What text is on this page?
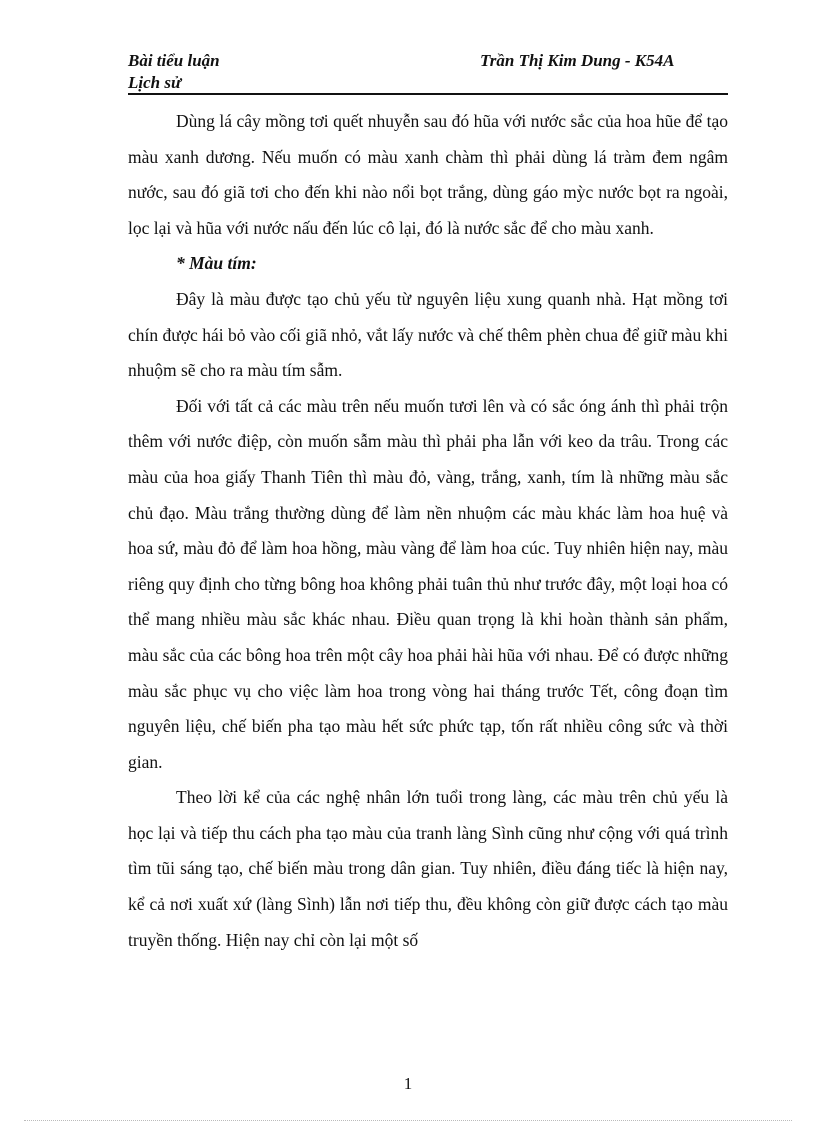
Bài tiểu luận
Lịch sử
Trần Thị Kim Dung - K54A

Dùng lá cây mồng tơi quết nhuyễn sau đó hũa với nước sắc của hoa hũe để tạo màu xanh dương. Nếu muốn có màu xanh chàm thì phải dùng lá tràm đem ngâm nước, sau đó giã tơi cho đến khi nào nổi bọt trắng, dùng gáo mỳc nước bọt ra ngoài, lọc lại và hũa với nước nấu đến lúc cô lại, đó là nước sắc để cho màu xanh.

* Màu tím:

Đây là màu được tạo chủ yếu từ nguyên liệu xung quanh nhà. Hạt mồng tơi chín được hái bỏ vào cối giã nhỏ, vắt lấy nước và chế thêm phèn chua để giữ màu khi nhuộm sẽ cho ra màu tím sẫm.

Đối với tất cả các màu trên nếu muốn tươi lên và có sắc óng ánh thì phải trộn thêm với nước điệp, còn muốn sẫm màu thì phải pha lẫn với keo da trâu. Trong các màu của hoa giấy Thanh Tiên thì màu đỏ, vàng, trắng, xanh, tím là những màu sắc chủ đạo. Màu trắng thường dùng để làm nền nhuộm các màu khác làm hoa huệ và hoa sứ, màu đỏ để làm hoa hồng, màu vàng để làm hoa cúc. Tuy nhiên hiện nay, màu riêng quy định cho từng bông hoa không phải tuân thủ như trước đây, một loại hoa có thể mang nhiều màu sắc khác nhau. Điều quan trọng là khi hoàn thành sản phẩm, màu sắc của các bông hoa trên một cây hoa phải hài hũa với nhau. Để có được những màu sắc phục vụ cho việc làm hoa trong vòng hai tháng trước Tết, công đoạn tìm nguyên liệu, chế biến pha tạo màu hết sức phức tạp, tốn rất nhiều công sức và thời gian.

Theo lời kể của các nghệ nhân lớn tuổi trong làng, các màu trên chủ yếu là học lại và tiếp thu cách pha tạo màu của tranh làng Sình cũng như cộng với quá trình tìm tũi sáng tạo, chế biến màu trong dân gian. Tuy nhiên, điều đáng tiếc là hiện nay, kể cả nơi xuất xứ (làng Sình) lẫn nơi tiếp thu, đều không còn giữ được cách tạo màu truyền thống. Hiện nay chỉ còn lại một số

1
